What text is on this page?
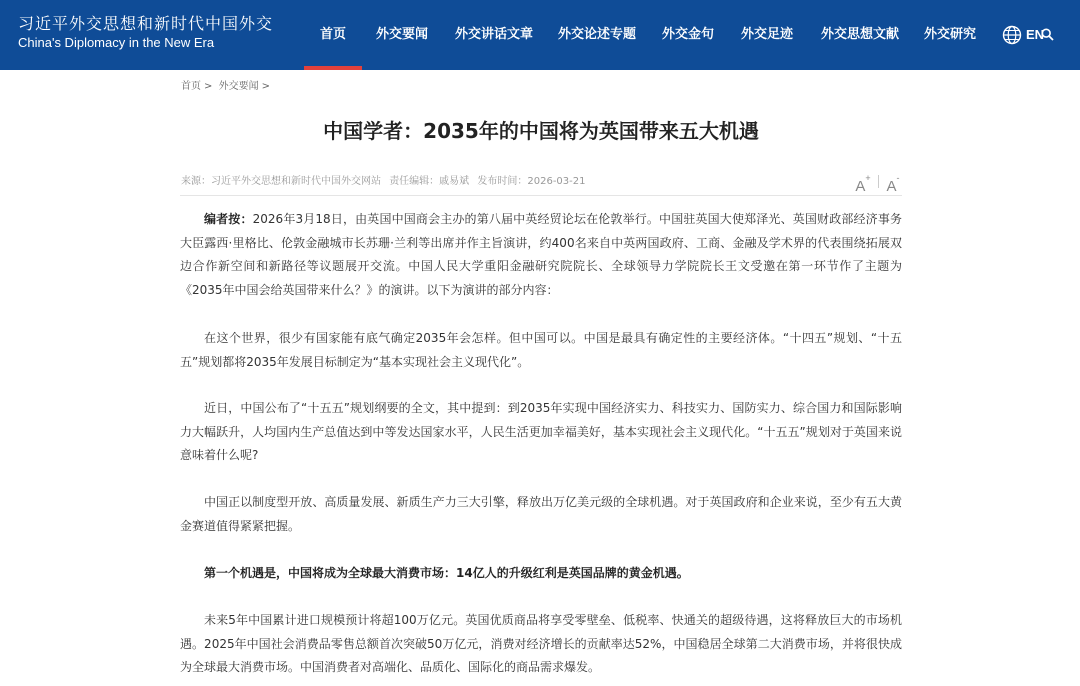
习近平外交思想和新时代中国外交
China's Diplomacy in the New Era
首页 外交要闻 外交讲话文章 外交论述专题 外交金句 外交足迹 外交思想文献 外交研究	EN
首页 > 外交要闻 >
中国学者：2035年的中国将为英国带来五大机遇
来源：习近平外交思想和新时代中国外交网站 责任编辑：戚易斌 发布时间：2026-03-21	A+ A-
编者按：2026年3月18日，由英国中国商会主办的第八届中英经贸论坛在伦敦举行。中国驻英国大使郑泽光、英国财政部经济事务大臣露西·里格比、伦敦金融城市长苏珊·兰利等出席并作主旨演讲，约400名来自中英两国政府、工商、金融及学术界的代表围绕拓展双边合作新空间和新路径等议题展开交流。中国人民大学重阳金融研究院院长、全球领导力学院院长王文受邀在第一环节作了主题为《2035年中国会给英国带来什么？》的演讲。以下为演讲的部分内容：
在这个世界，很少有国家能有底气确定2035年会怎样。但中国可以。中国是最具有确定性的主要经济体。“十四五”规划、“十五五”规划都将2035年发展目标制定为“基本实现社会主义现代化”。
近日，中国公布了“十五五”规划纲要的全文，其中提到：到2035年实现中国经济实力、科技实力、国防实力、综合国力和国际影响力大幅跃升，人均国内生产总值达到中等发达国家水平，人民生活更加幸福美好，基本实现社会主义现代化。“十五五”规划对于英国来说意味着什么呢?
中国正以制度型开放、高质量发展、新质生产力三大引擎，释放出万亿美元级的全球机遇。对于英国政府和企业来说，至少有五大黄金赛道值得紧紧把握。
第一个机遇是，中国将成为全球最大消费市场：14亿人的升级红利是英国品牌的黄金机遇。
未来5年中国累计进口规模预计将超100万亿元。英国优质商品将享受零壁垒、低税率、快通关的超级待遇，这将释放巨大的市场机遇。2025年中国社会消费品零售总额首次突破50万亿元，消费对经济增长的贡献率达52%，中国稳居全球第二大消费市场，并将很快成为全球最大消费市场。中国消费者对高端化、品质化、国际化的商品需求爆发。
